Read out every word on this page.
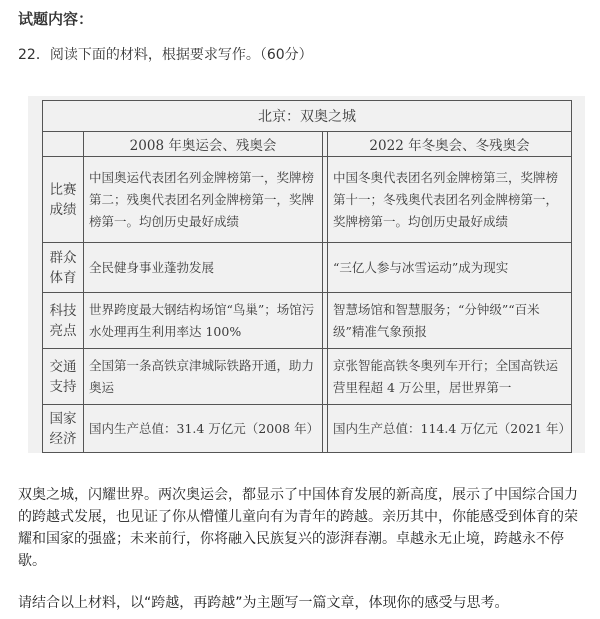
试题内容：
22．阅读下面的材料，根据要求写作。（60分）
北京：双奥之城			
	2008 年奥运会、残奥会		2022 年冬奥会、冬残奥会
比赛成绩	中国奥运代表团名列金牌榜第一，奖牌榜第二；残奥代表团名列金牌榜第一，奖牌榜第一。均创历史最好成绩		中国冬奥代表团名列金牌榜第三，奖牌榜第十一；冬残奥代表团名列金牌榜第一，奖牌榜第一。均创历史最好成绩
群众体育	全民健身事业蓬勃发展		“三亿人参与冰雪运动”成为现实
科技亮点	世界跨度最大钢结构场馆“鸟巢”；场馆污水处理再生利用率达 100%		智慧场馆和智慧服务；“分钟级”“百米级”精准气象预报
交通支持	全国第一条高铁京津城际铁路开通，助力奥运		京张智能高铁冬奥列车开行；全国高铁运营里程超 4 万公里，居世界第一
国家经济	国内生产总值：31.4 万亿元（2008 年）		国内生产总值：114.4 万亿元（2021 年）
双奥之城，闪耀世界。两次奥运会，都显示了中国体育发展的新高度，展示了中国综合国力的跨越式发展，也见证了你从懵懂儿童向有为青年的跨越。亲历其中，你能感受到体育的荣耀和国家的强盛；未来前行，你将融入民族复兴的澎湃春潮。卓越永无止境，跨越永不停歇。
请结合以上材料，以“跨越，再跨越”为主题写一篇文章，体现你的感受与思考。
